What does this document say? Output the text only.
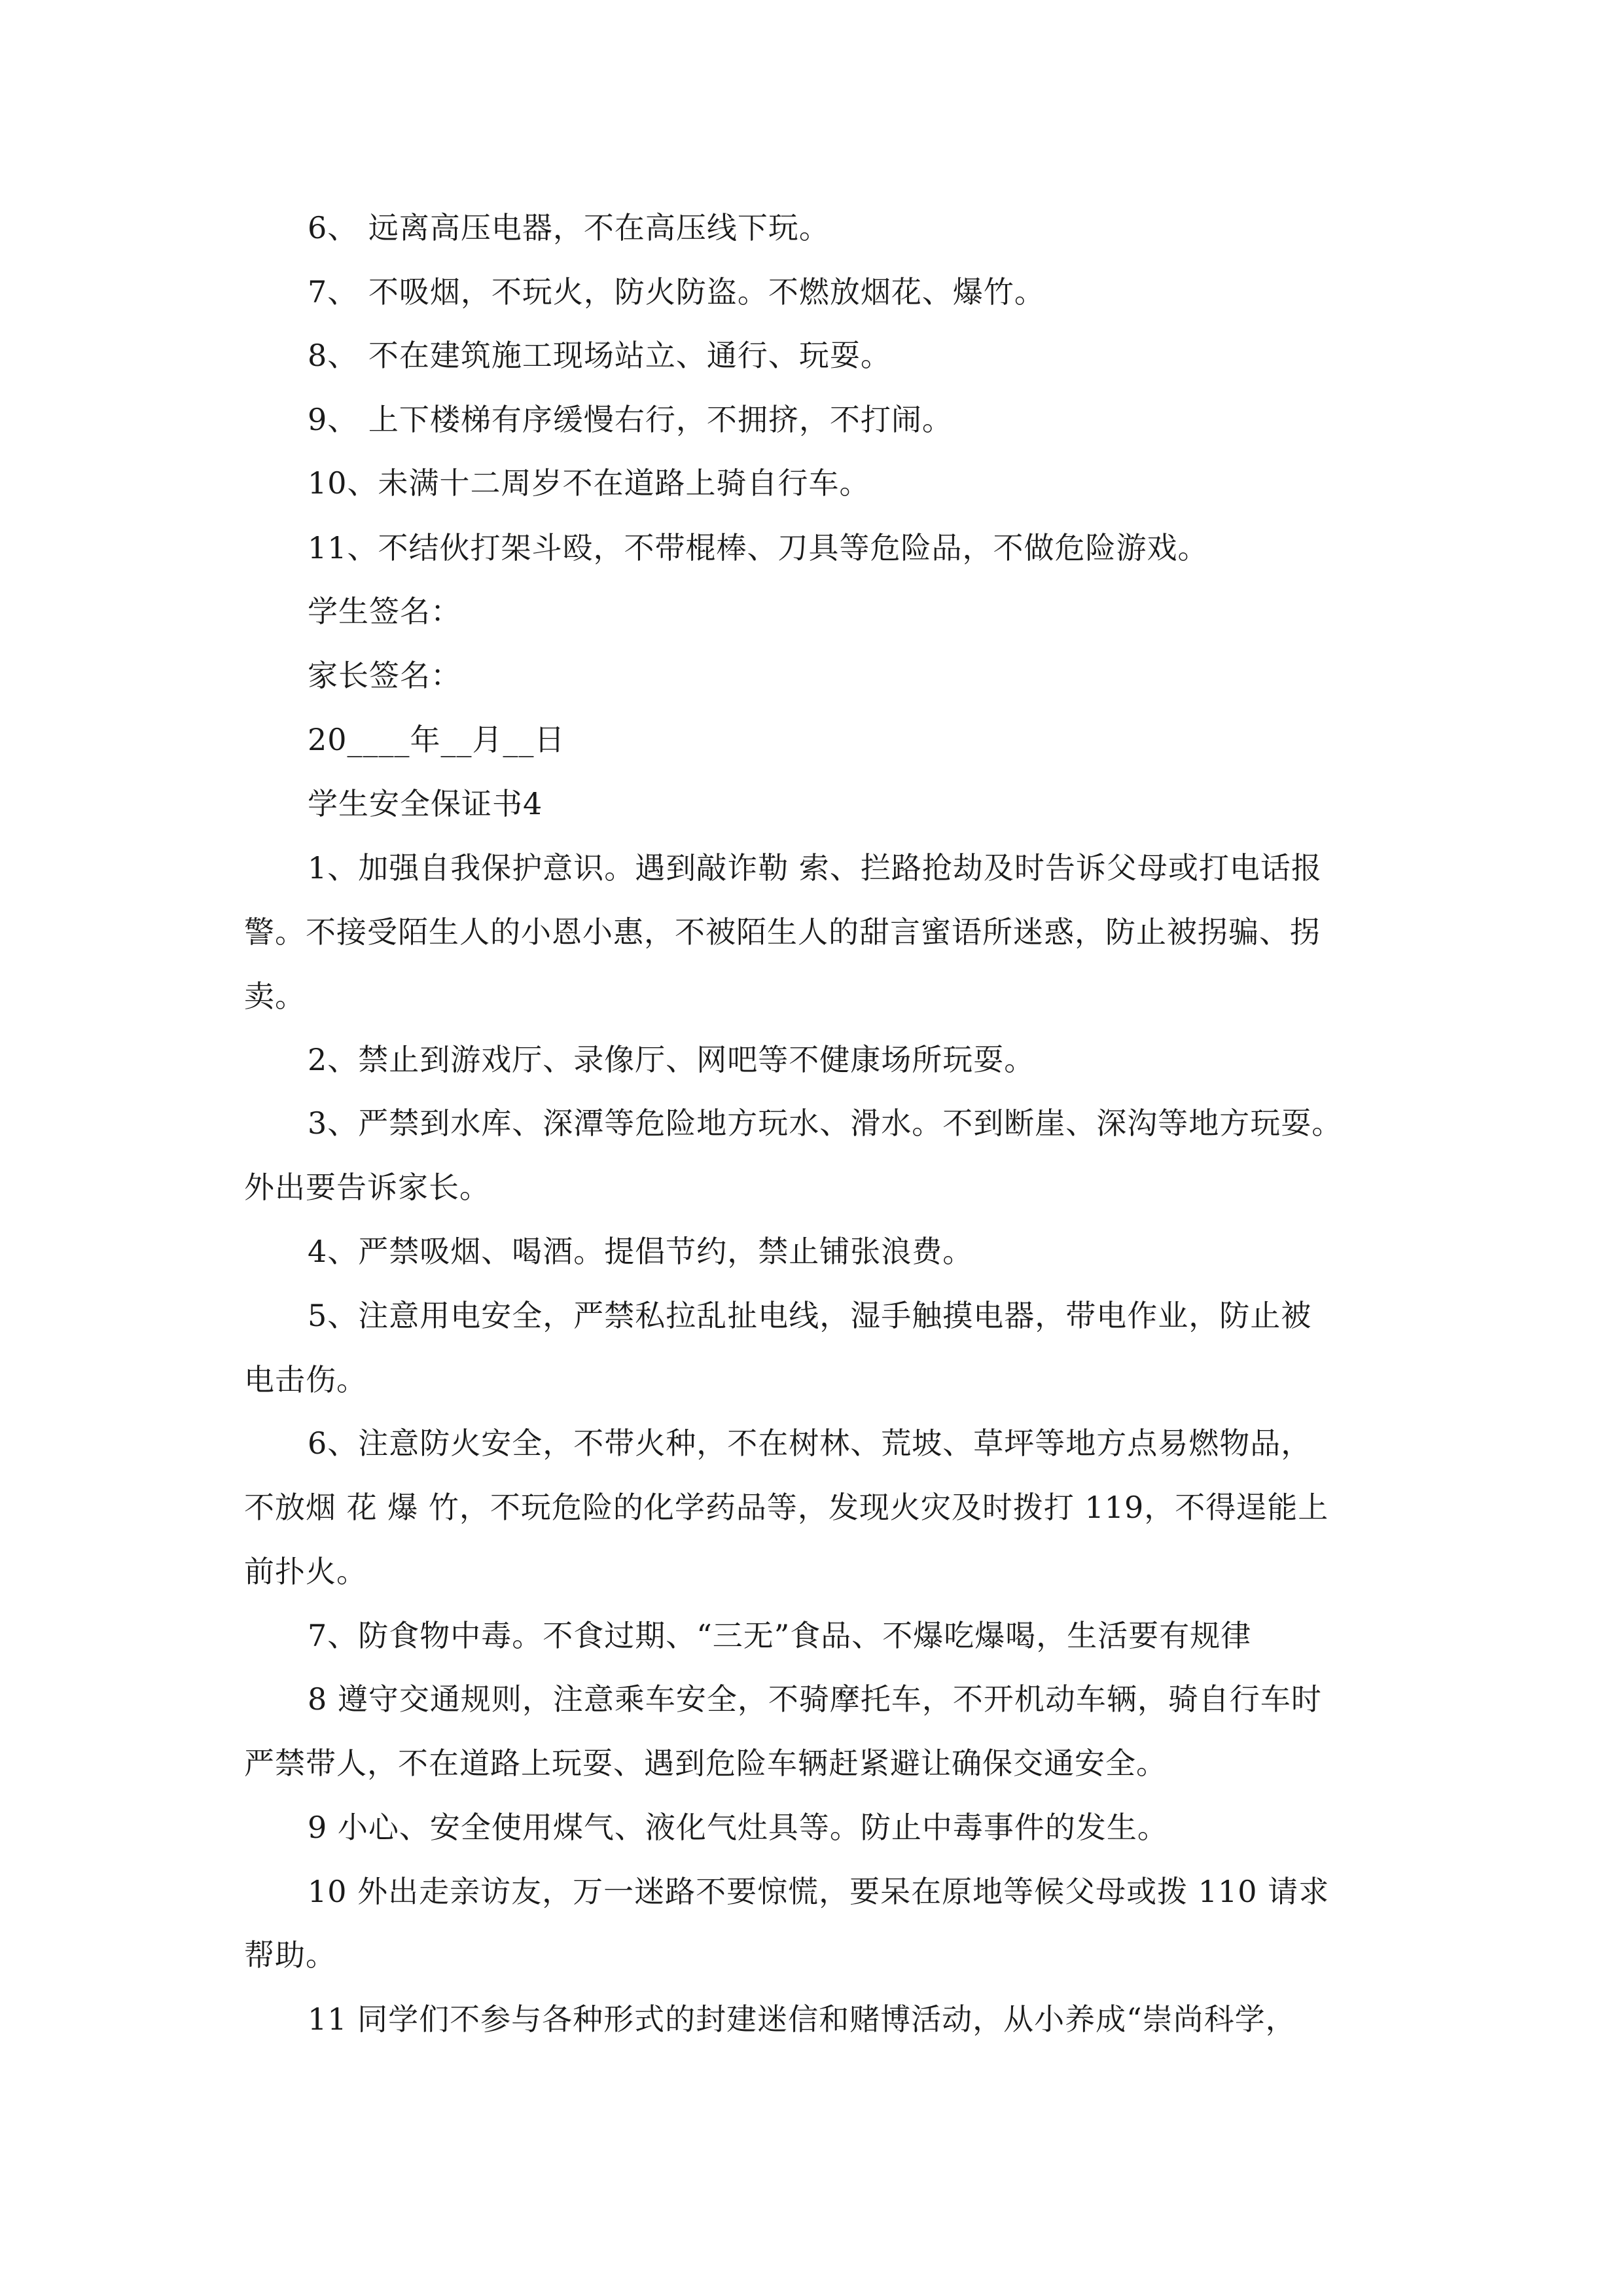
6、 远离高压电器，不在高压线下玩。
7、 不吸烟，不玩火，防火防盗。不燃放烟花、爆竹。
8、 不在建筑施工现场站立、通行、玩耍。
9、 上下楼梯有序缓慢右行，不拥挤，不打闹。
10、未满十二周岁不在道路上骑自行车。
11、不结伙打架斗殴，不带棍棒、刀具等危险品，不做危险游戏。
学生签名：
家长签名：
20____年__月__日
学生安全保证书4
1、加强自我保护意识。遇到敲诈勒 索、拦路抢劫及时告诉父母或打电话报
警。不接受陌生人的小恩小惠，不被陌生人的甜言蜜语所迷惑，防止被拐骗、拐
卖。
2、禁止到游戏厅、录像厅、网吧等不健康场所玩耍。
3、严禁到水库、深潭等危险地方玩水、滑水。不到断崖、深沟等地方玩耍。
外出要告诉家长。
4、严禁吸烟、喝酒。提倡节约，禁止铺张浪费。
5、注意用电安全，严禁私拉乱扯电线，湿手触摸电器，带电作业，防止被
电击伤。
6、注意防火安全，不带火种，不在树林、荒坡、草坪等地方点易燃物品，
不放烟 花 爆 竹，不玩危险的化学药品等，发现火灾及时拨打 119，不得逞能上
前扑火。
7、防食物中毒。不食过期、“三无”食品、不爆吃爆喝，生活要有规律
8 遵守交通规则，注意乘车安全，不骑摩托车，不开机动车辆，骑自行车时
严禁带人，不在道路上玩耍、遇到危险车辆赶紧避让确保交通安全。
9 小心、安全使用煤气、液化气灶具等。防止中毒事件的发生。
10 外出走亲访友，万一迷路不要惊慌，要呆在原地等候父母或拨 110 请求
帮助。
11 同学们不参与各种形式的封建迷信和赌博活动，从小养成“崇尚科学，
